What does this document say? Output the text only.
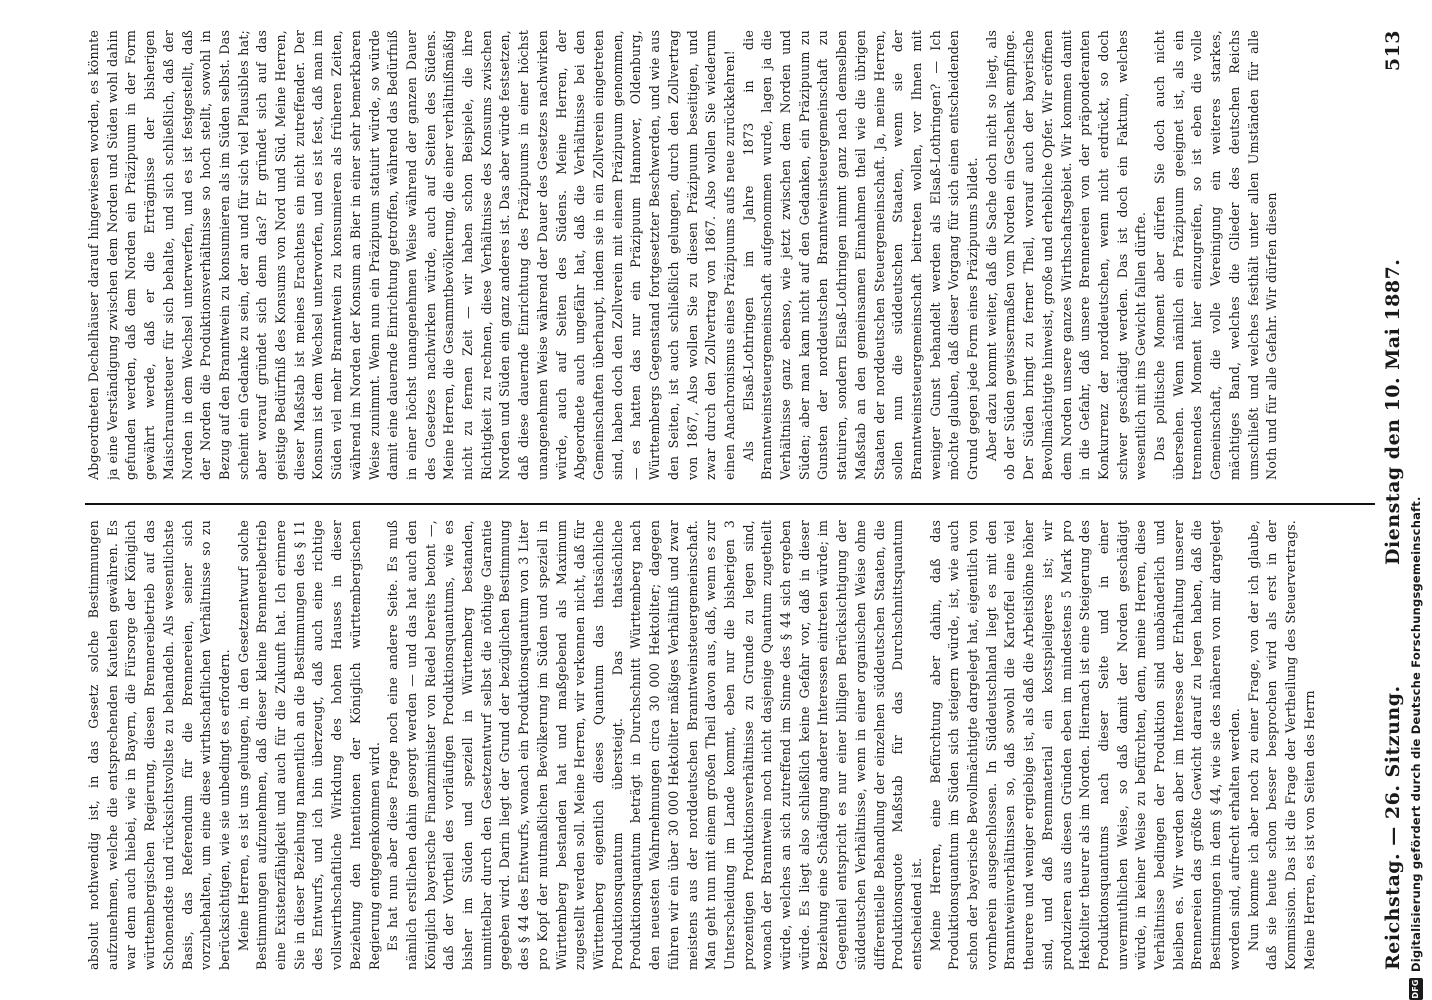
Reichstag. — 26. Sitzung.
Dienstag den 10. Mai 1887.
513

absolut nothwendig ist, in das Gesetz solche Bestimmungen aufzunehmen, welche die entsprechenden Kautelen gewähren. Es war denn auch hiebei, wie in Bayern, die Fürsorge der Königlich württembergischen Regierung, diesen Brennereibetrieb auf das Schonendste und rücksichtsvollste zu behandeln. Als wesentlichste Basis, das Referendum für die Brennereien, seiner sich vorzubehalten, um eine diese wirthschaftlichen Verhältnisse so zu berücksichtigen, wie sie unbedingt es erfordern. Meine Herren, es ist uns gelungen, in den Gesetzentwurf solche Bestimmungen aufzunehmen, daß dieser kleine Brennereibetrieb eine Existenzfähigkeit und auch für die Zukunft hat. Ich erinnere Sie in dieser Beziehung namentlich an die Bestimmungen des § 11 des Entwurfs, und ich bin überzeugt, daß auch eine richtige vollswirthschaftliche Wirkdung des hohen Hauses in dieser Beziehung den Intentionen der Königlich württembergischen Regierung entgegenkommen wird. Es hat nun aber diese Frage noch eine andere Seite. Es muß nämlich erstlichen dahin gesorgt werden — und das hat auch den Königlich bayerische Finanzminister von Riedel bereits betont —, daß der Vortheil des vorläufigen Produktionsquantums, wie es bisher im Süden und speziell in Württemberg bestanden, unmittelbar durch den Gesetzentwurf selbst die nöthige Garantie gegeben wird. Darin liegt der Grund der bezüglichen Bestimmung des § 44 des Entwurfs, wonach ein Produktionsquantum von 3 Liter pro Kopf der mutmaßlichen Bevölkerung im Süden und speziell in Württemberg bestanden hat und maßgebend als Maximum zugestellt werden soll. Meine Herren, wir verkennen nicht, daß für Württemberg eigentlich dieses Quantum das thatsächliche Produktionsquantum übersteigt. Das thatsächliche Produktionsquantum beträgt in Durchschnitt Württemberg nach den neuesten Wahrnehmungen circa 30 000 Hektoliter; dagegen führen wir ein über 30 000 Hektoliter mäßiges Verhältniß und zwar meistens aus der norddeutschen Branntweinsteuergemeinschaft. Man geht nun mit einem großen Theil davon aus, daß, wenn es zur Unterscheidung im Lande kommt, eben nur die bisherigen 3 prozentigen Produktionsverhältnisse zu Grunde zu legen sind, wonach der Branntwein noch nicht dasjenige Quantum zugetheilt würde, welches an sich zutreffend im Sinne des § 44 sich ergeben würde. Es liegt also schließlich keine Gefahr vor, daß in dieser Beziehung eine Schädigung anderer Interessen eintreten würde; im Gegentheil entspricht es nur einer billigen Berücksichtigung der süddeutschen Verhältnisse, wenn in einer organischen Weise ohne differentielle Behandlung der einzelnen süddeutschen Staaten, die Produktionsquote Maßstab für das Durchschnittsquantum entscheidend ist. Meine Herren, eine Befürchtung aber dahin, daß das Produktionsquantum im Süden sich steigern würde, ist, wie auch schon der bayerische Bevollmächtigte dargelegt hat, eigentlich von vornherein ausgeschlossen. In Süddeutschland liegt es mit den Branntweinverhältnissen so, daß sowohl die Kartoffel eine viel theurere und weniger ergiebige ist, als daß die Arbeitslöhne höher sind, und daß Brennmaterial ein kostspieligeres ist; wir produzieren aus diesen Gründen eben im mindestens 5 Mark pro Hektoliter theurer als im Norden. Hiernach ist eine Steigerung des Produktionsquantums nach dieser Seite und in einer unvermuthlichen Weise, so daß damit der Norden geschädigt würde, in keiner Weise zu befürchten, denn, meine Herren, diese Verhältnisse bedingen der Produktion sind unabänderlich und bleiben es. Wir werden aber im Interesse der Erhaltung unserer Brennereien das größte Gewicht darauf zu legen haben, daß die Bestimmungen in dem § 44, wie sie des näheren von mir dargelegt worden sind, aufrecht erhalten werden. Nun komme ich aber noch zu einer Frage, von der ich glaube, daß sie heute schon besser besprochen wird als erst in der Kommission. Das ist die Frage der Vertheilung des Steuervertrags. Meine Herren, es ist von Seiten des Herrn

Abgeordneten Dechelhäuser darauf hingewiesen worden, es könnte ja eine Verständigung zwischen dem Norden und Süden wohl dahin gefunden werden, daß dem Norden ein Präzipuum in der Form gewährt werde, daß er die Erträgnisse der bisherigen Maischraumsteuer für sich behalte, und sich schließlich, daß der Norden in dem Wechsel unterwerfen, und es ist festgestellt, daß der Norden die Produktionsverhältnisse so hoch stellt, sowohl in Bezug auf den Branntwein zu konsumieren als im Süden selbst. Das scheint ein Gedanke zu sein, der an und für sich viel Plausibles hat; aber worauf gründet sich denn das? Er gründet sich auf das geistige Bedürfniß des Konsums von Nord und Süd. Meine Herren, dieser Maßstab ist meines Erachtens ein nicht zutreffender. Der Konsum ist dem Wechsel unterworfen, und es ist fest, daß man im Süden viel mehr Branntwein zu konsumieren als früheren Zeiten, während im Norden der Konsum an Bier in einer sehr bemerkbaren Weise zunimmt. Wenn nun ein Präzipuum statuirt würde, so würde damit eine dauernde Einrichtung getroffen, während das Bedürfniß in einer höchst unangenehmen Weise während der ganzen Dauer des Gesetzes nachwirken würde, auch auf Seiten des Südens. Meine Herren, die Gesammtbevölkerung, die einer verhältnißmäßig nicht zu fernen Zeit — wir haben schon Beispiele, die ihre Richtigkeit zu rechnen, diese Verhältnisse des Konsums zwischen Norden und Süden ein ganz anderes ist. Das aber würde festsetzen, daß diese dauernde Einrichtung des Präzipuums in einer höchst unangenehmen Weise während der Dauer des Gesetzes nachwirken würde, auch auf Seiten des Südens. Meine Herren, der Abgeordnete auch ungefähr hat, daß die Verhältnisse bei den Gemeinschaften überhaupt, indem sie in ein Zollverein eingetreten sind, haben doch den Zollverein mit einem Präzipuum genommen, — es hatten das nur ein Präzipuum Hannover, Oldenburg, Württembergs Gegenstand fortgesetzter Beschwerden, und wie aus den Seiten, ist auch schließlich gelungen, durch den Zollvertrag von 1867, Also wollen Sie zu diesen Präzipuum beseitigen, und zwar durch den Zollvertrag von 1867. Also wollen Sie wiederum einen Anachronismus eines Präzipuums aufs neue zurückkehren! Als Elsaß-Lothringen im Jahre 1873 in die Branntweinsteuergemeinschaft aufgenommen wurde, lagen ja die Verhältnisse ganz ebenso, wie jetzt zwischen dem Norden und Süden; aber man kam nicht auf den Gedanken, ein Präzipuum zu Gunsten der norddeutschen Branntweinsteuergemeinschaft zu statuiren, sondern Elsaß-Lothringen nimmt ganz nach demselben Maßstab an den gemeinsamen Einnahmen theil wie die übrigen Staaten der norddeutschen Steuergemeinschaft. Ja, meine Herren, sollen nun die süddeutschen Staaten, wenn sie der Branntweinsteuergemeinschaft beitreten wollen, vor Ihnen mit weniger Gunst behandelt werden als Elsaß-Lothringen? — Ich möchte glauben, daß dieser Vorgang für sich einen entscheidenden Grund gegen jede Form eines Präzipuums bildet. Aber dazu kommt weiter, daß die Sache doch nicht so liegt, als ob der Süden gewissermaßen vom Norden ein Geschenk empfinge. Der Süden bringt zu ferner Theil, worauf auch der bayerische Bevollmächtigte hinweist, große und erhebliche Opfer. Wir eröffnen dem Norden unsere ganzes Wirthschaftsgebiet. Wir kommen damit in die Gefahr, daß unsere Brennereien von der präponderanten Konkurrenz der norddeutschen, wenn nicht erdrückt, so doch schwer geschädigt werden. Das ist doch ein Faktum, welches wesentlich mit ins Gewicht fallen dürfte. Das politische Moment aber dürfen Sie doch auch nicht übersehen. Wenn nämlich ein Präzipuum geeignet ist, als ein trennendes Moment hier einzugreifen, so ist eben die volle Gemeinschaft, die volle Vereinigung ein weiteres starkes, mächtiges Band, welches die Glieder des deutschen Reichs umschließt und welches festhält unter allen Umständen für alle Noth und für alle Gefahr. Wir dürfen diesen

DFG
Digitalisierung gefördert durch die Deutsche Forschungsgemeinschaft.
